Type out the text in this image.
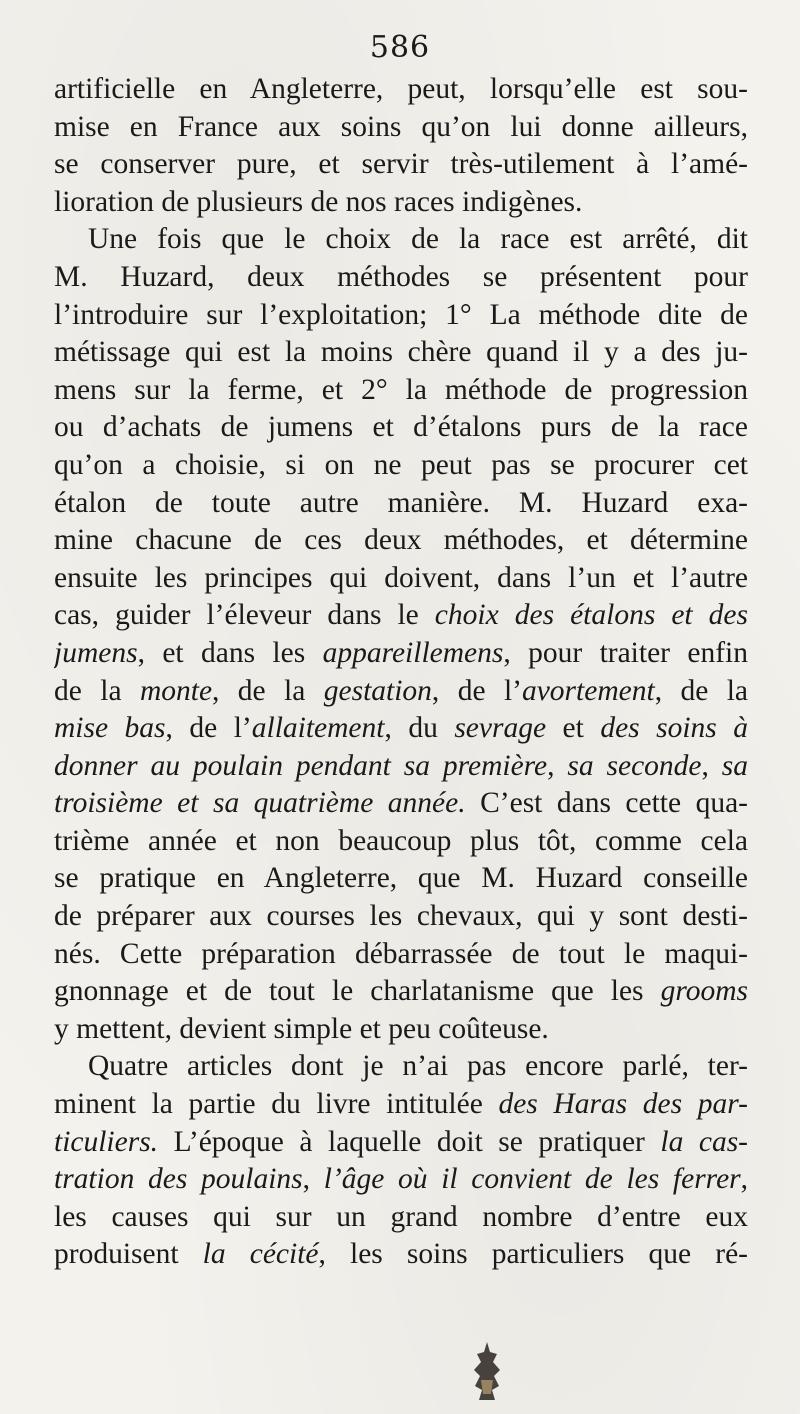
586
artificielle en Angleterre, peut, lorsqu’elle est sou-
mise en France aux soins qu’on lui donne ailleurs,
se conserver pure, et servir très-utilement à l’amé-
lioration de plusieurs de nos races indigènes.
Une fois que le choix de la race est arrêté, dit
M. Huzard, deux méthodes se présentent pour
l’introduire sur l’exploitation; 1° La méthode dite de
métissage qui est la moins chère quand il y a des ju-
mens sur la ferme, et 2° la méthode de progression
ou d’achats de jumens et d’étalons purs de la race
qu’on a choisie, si on ne peut pas se procurer cet
étalon de toute autre manière. M. Huzard exa-
mine chacune de ces deux méthodes, et détermine
ensuite les principes qui doivent, dans l’un et l’autre
cas, guider l’éleveur dans le choix des étalons et des
jumens, et dans les appareillemens, pour traiter enfin
de la monte, de la gestation, de l’avortement, de la
mise bas, de l’allaitement, du sevrage et des soins à
donner au poulain pendant sa première, sa seconde, sa
troisième et sa quatrième année. C’est dans cette qua-
trième année et non beaucoup plus tôt, comme cela
se pratique en Angleterre, que M. Huzard conseille
de préparer aux courses les chevaux, qui y sont desti-
nés. Cette préparation débarrassée de tout le maqui-
gnonnage et de tout le charlatanisme que les grooms
y mettent, devient simple et peu coûteuse.
Quatre articles dont je n’ai pas encore parlé, ter-
minent la partie du livre intitulée des Haras des par-
ticuliers. L’époque à laquelle doit se pratiquer la cas-
tration des poulains, l’âge où il convient de les ferrer,
les causes qui sur un grand nombre d’entre eux
produisent la cécité, les soins particuliers que ré-
